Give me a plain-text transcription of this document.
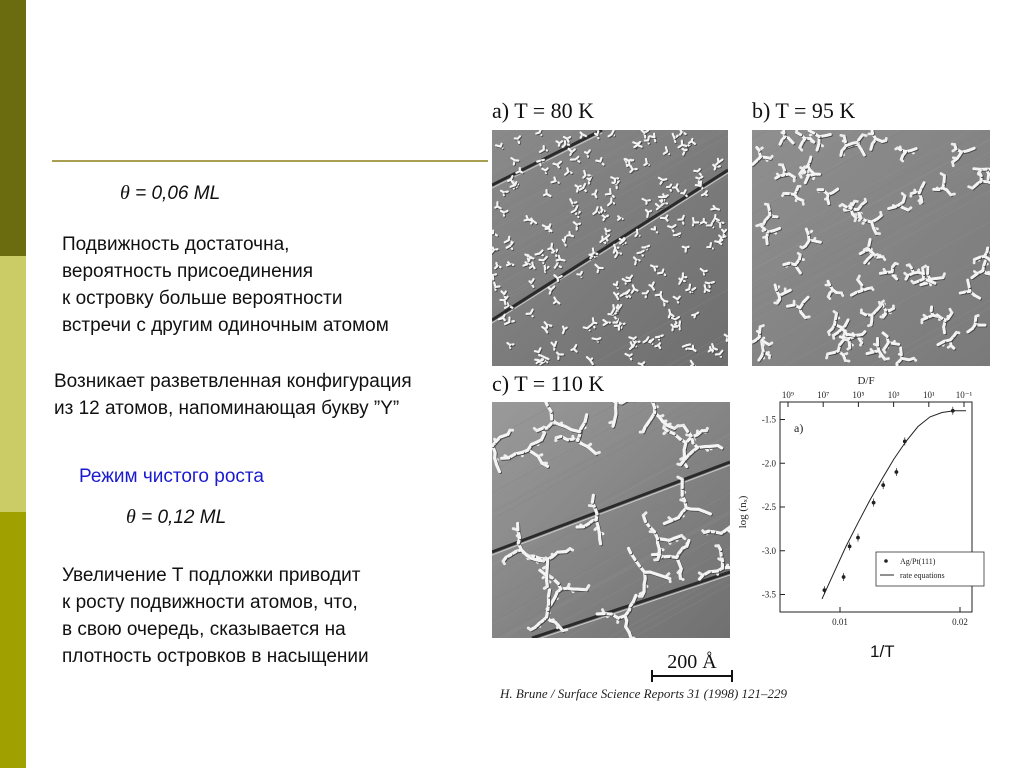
θ = 0,06 ML
Подвижность достаточна,
вероятность присоединения
к островку больше вероятности
встречи с другим одиночным атомом
Возникает разветвленная конфигурация
из 12 атомов, напоминающая букву ”Y”
Режим чистого роста
θ = 0,12 ML
Увеличение T подложки приводит
к росту подвижности атомов, что,
в свою очередь, сказывается на
плотность островков в насыщении
a) T = 80 K	b) T = 95 K
c) T = 110 K	10⁹	10⁷	10⁵	10³	10¹ 10⁻¹
-1.5
-2.0
-2.5
-3.0
-3.5
0.01	0.02
D/F
a)
log (nₓ)
Ag/Pt(111)
rate equations
200 Å
H. Brune / Surface Science Reports 31 (1998) 121–229
1/T
